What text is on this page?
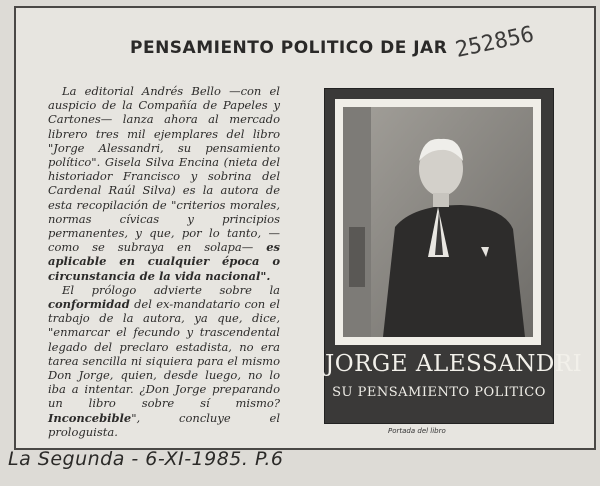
PENSAMIENTO POLITICO DE JAR 252856

La editorial Andrés Bello —con el auspicio de la Compañía de Papeles y Cartones— lanza ahora al mercado librero tres mil ejemplares del libro "Jorge Alessandri, su pensamiento político". Gisela Silva Encina (nieta del historiador Francisco y sobrina del Cardenal Raúl Silva) es la autora de esta recopilación de "criterios morales, normas cívicas y principios permanentes, y que, por lo tanto, —como se subraya en solapa— es aplicable en cualquier época o circunstancia de la vida nacional".

El prólogo advierte sobre la conformidad del ex-mandatario con el trabajo de la autora, ya que, dice, "enmarcar el fecundo y trascendental legado del preclaro estadista, no era tarea sencilla ni siquiera para el mismo Don Jorge, quien, desde luego, no lo iba a intentar. ¿Don Jorge preparando un libro sobre sí mismo? Inconcebible", concluye el prologuista.

JORGE ALESSANDRI
SU PENSAMIENTO POLITICO
Portada del libro
La Segunda - 6-XI-1985. P.6
